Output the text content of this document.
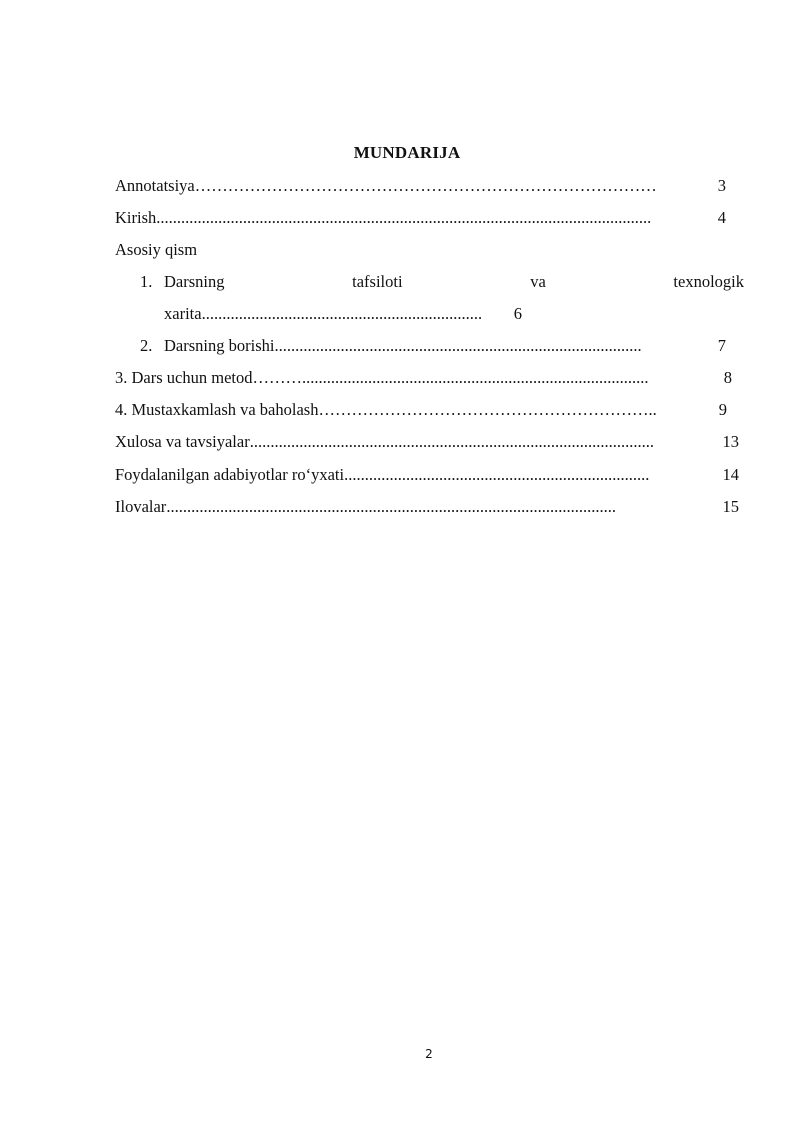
MUNDARIJA
Annotatsiya …………………………………………………………………………	3
Kirish ........................................................................................................................	4
Asosiy qism
1. Darsning	tafsiloti	va	texnologik
xarita ....................................................................	6
2. Darsning borishi .........................................................................................	7
3. Dars uchun metod ………....................................................................................	8
4. Mustaxkamlash va baholash ……………………………………………………..	9
Xulosa va tavsiyalar ..................................................................................................	13
Foydalanilgan adabiyotlar ro‘yxati ..........................................................................	14
Ilovalar .............................................................................................................	15
2
